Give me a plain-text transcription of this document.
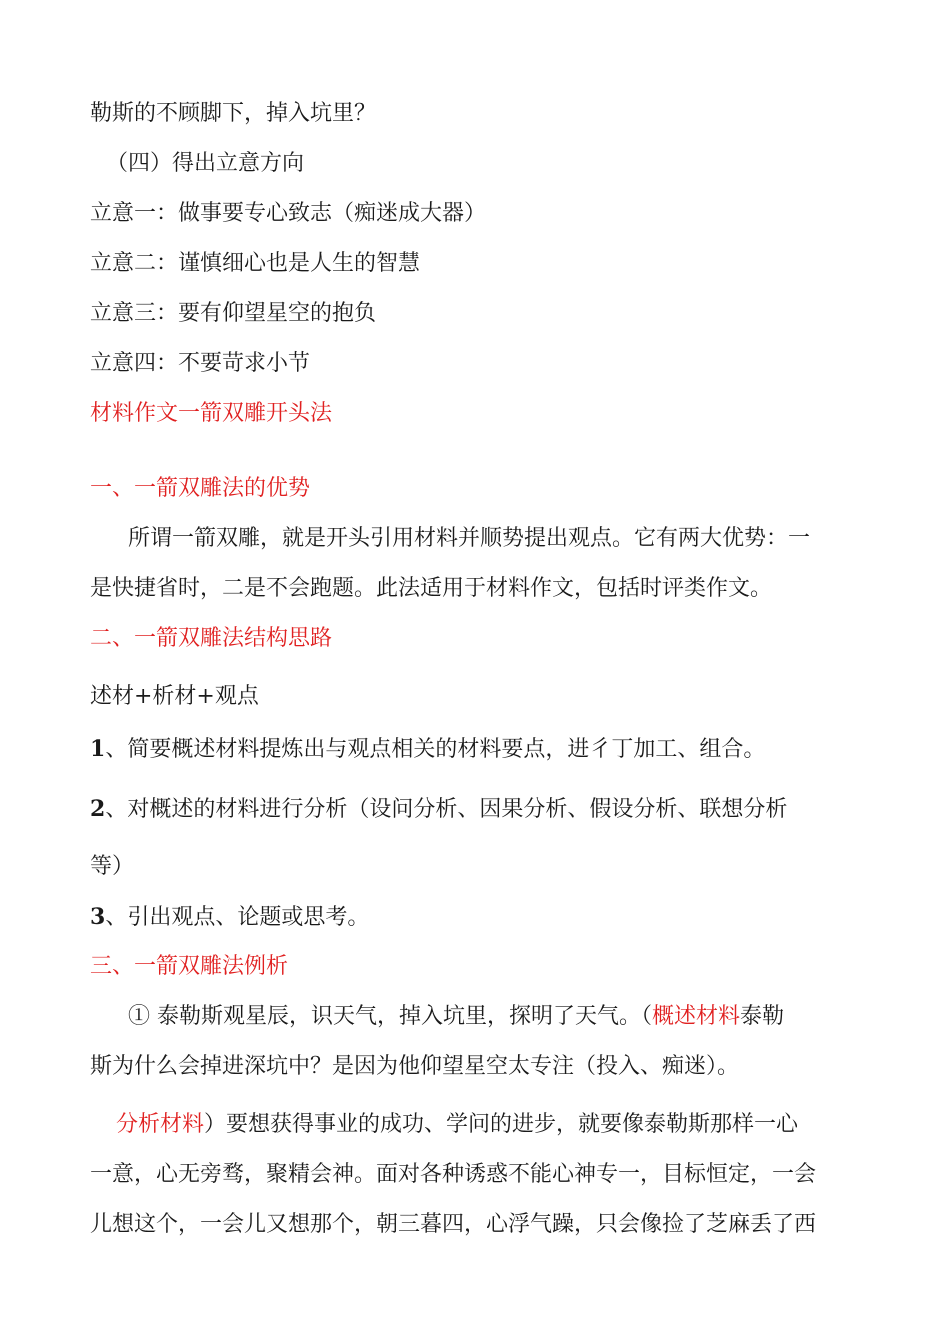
勒斯的不顾脚下，掉入坑里？
（四）得出立意方向
立意一：做事要专心致志（痴迷成大器）
立意二：谨慎细心也是人生的智慧
立意三：要有仰望星空的抱负
立意四：不要苛求小节
材料作文一箭双雕开头法
一、一箭双雕法的优势
所谓一箭双雕，就是开头引用材料并顺势提出观点。它有两大优势：一
是快捷省时，二是不会跑题。此法适用于材料作文，包括时评类作文。
二、一箭双雕法结构思路
述材+析材+观点
1、简要概述材料提炼出与观点相关的材料要点，进彳丁加工、组合。
2、对概述的材料进行分析（设问分析、因果分析、假设分析、联想分析
等）
3、引出观点、论题或思考。
三、一箭双雕法例析
① 泰勒斯观星辰，识天气，掉入坑里，探明了天气。（概述材料泰勒
斯为什么会掉进深坑中？是因为他仰望星空太专注（投入、痴迷）。
分析材料）要想获得事业的成功、学问的进步，就要像泰勒斯那样一心
一意，心无旁骛，聚精会神。面对各种诱惑不能心神专一，目标恒定，一会
儿想这个，一会儿又想那个，朝三暮四，心浮气躁，只会像捡了芝麻丢了西
